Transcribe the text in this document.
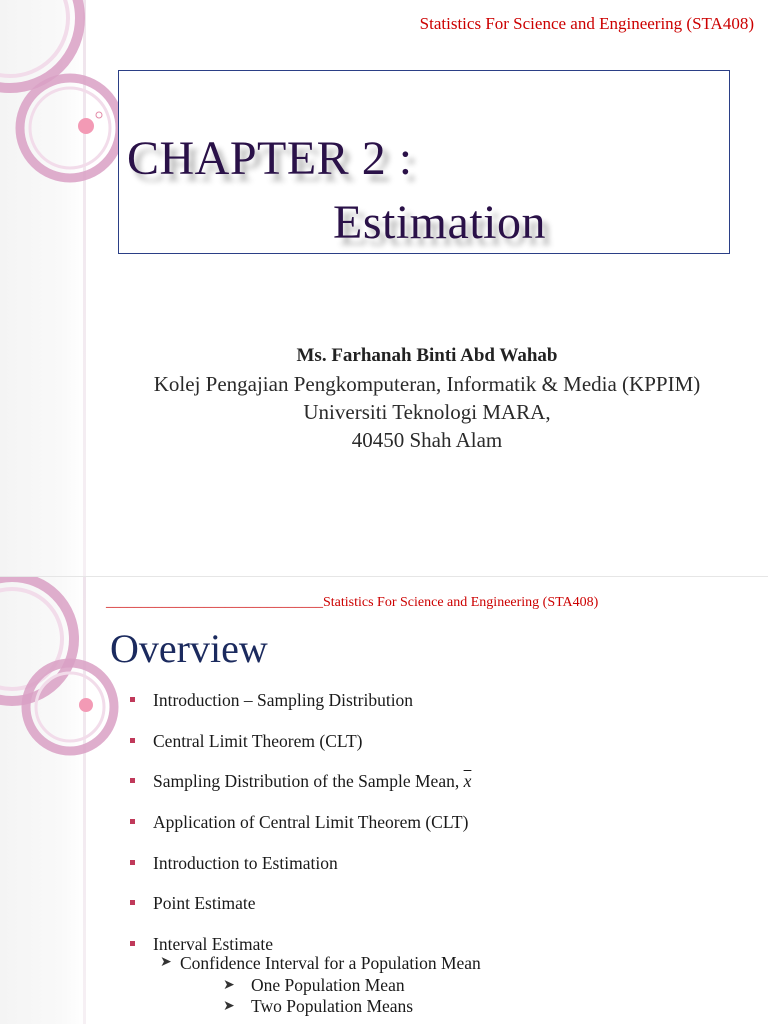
Statistics For Science and Engineering (STA408)
CHAPTER 2 :
Estimation
Ms. Farhanah Binti Abd Wahab
Kolej Pengajian Pengkomputeran, Informatik & Media (KPPIM)
Universiti Teknologi MARA,
40450 Shah Alam
_______________________________Statistics For Science and Engineering (STA408)
Overview
Introduction – Sampling Distribution
Central Limit Theorem (CLT)
Sampling Distribution of the Sample Mean, $\overline{x}$
Application of Central Limit Theorem (CLT)
Introduction to Estimation
Point Estimate
Interval Estimate
➤ Confidence Interval for a Population Mean
➤ One Population Mean
➤ Two Population Means
